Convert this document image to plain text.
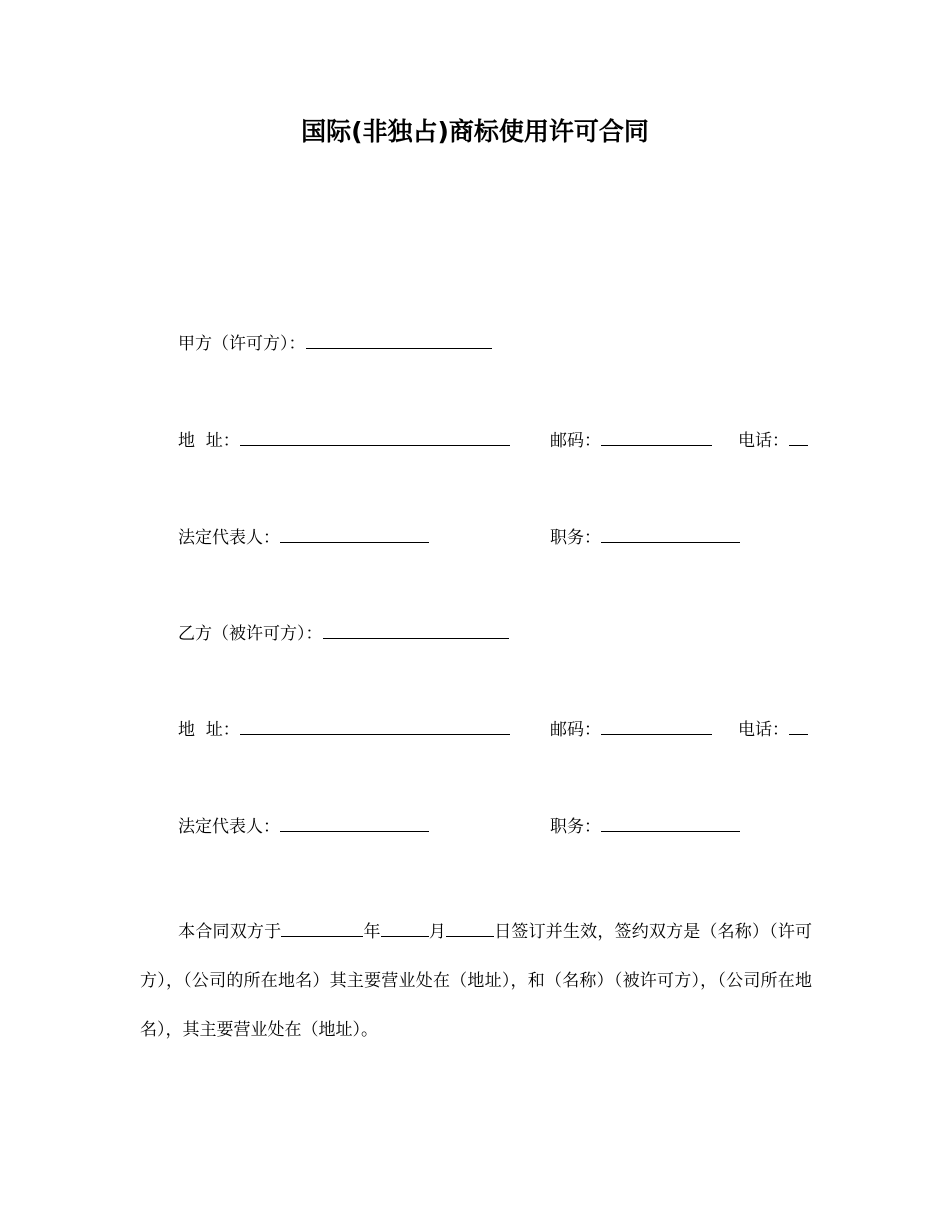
国际(非独占)商标使用许可合同
甲方（许可方）：
地  址：	邮码：	电话：
法定代表人：	职务：
乙方（被许可方）：
地  址：	邮码：	电话：
法定代表人：	职务：
本合同双方于	年	月	日签订并生效，签约双方是（名称）（许可方），（公司的所在地名）其主要营业处在（地址），和（名称）（被许可方），（公司所在地名），其主要营业处在（地址）。
